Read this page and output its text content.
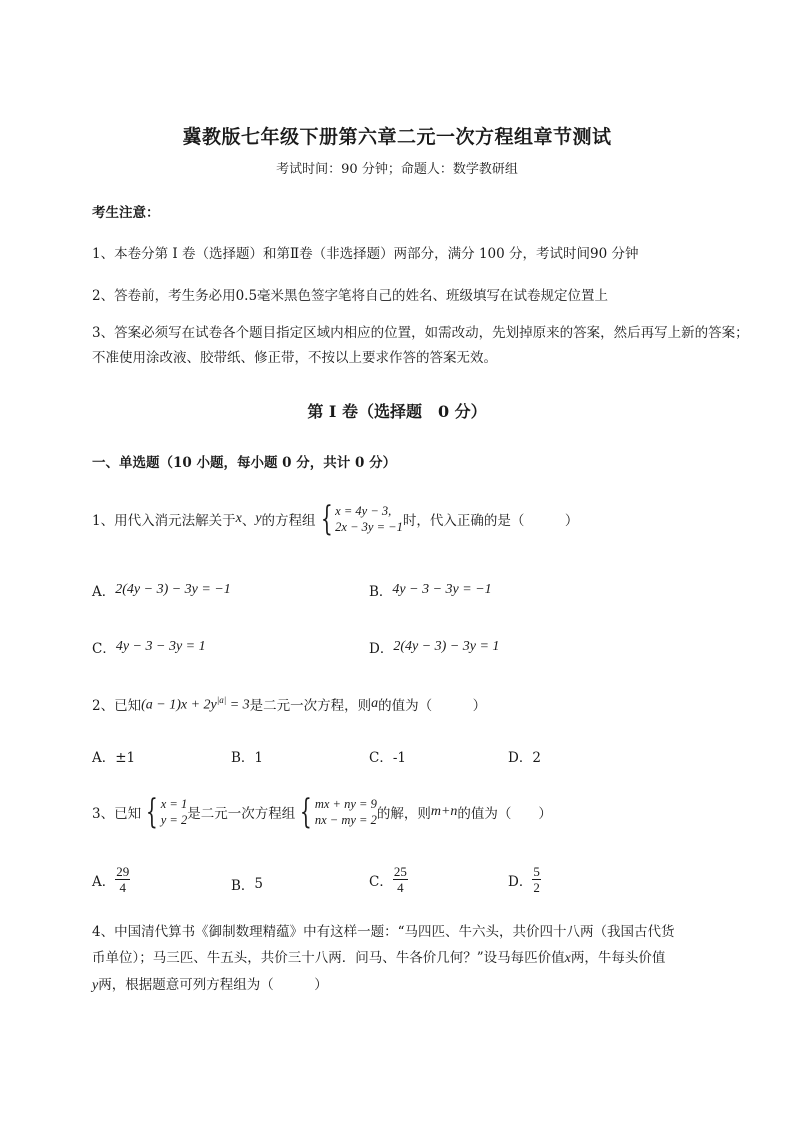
冀教版七年级下册第六章二元一次方程组章节测试
考试时间：90 分钟；命题人：数学教研组
考生注意：
1、本卷分第 I 卷（选择题）和第Ⅱ卷（非选择题）两部分，满分 100 分，考试时间90 分钟
2、答卷前，考生务必用0.5毫米黑色签字笔将自己的姓名、班级填写在试卷规定位置上
3、答案必须写在试卷各个题目指定区域内相应的位置，如需改动，先划掉原来的答案，然后再写上新的答案；不准使用涂改液、胶带纸、修正带，不按以上要求作答的答案无效。
第 I 卷（选择题　0 分）
一、单选题（10 小题，每小题 0 分，共计 0 分）
1、用代入消元法解关于 x 、 y 的方程组 { x = 4y − 3,
2x − 3y = −1 时，代入正确的是（　　　）
A． 2(4y − 3) − 3y = −1	B． 4y − 3 − 3y = −1
C． 4y − 3 − 3y = 1	D． 2(4y − 3) − 3y = 1
2、已知 $(a - 1)x + 2y^{|a|} = 3$ 是二元一次方程，则 a 的值为（　　　）
A．±1	B．1	C．-1	D．2
3、已知 { x = 1
y = 2 是二元一次方程组 { mx + ny = 9
nx − my = 2 的解，则 m+n 的值为（　　）
A． $\frac{29}{4}$	B． 5	C． $\frac{25}{4}$	D． $\frac{5}{2}$
4、中国清代算书《御制数理精蕴》中有这样一题：“马四匹、牛六头，共价四十八两（我国古代货
币单位）；马三匹、牛五头，共价三十八两．问马、牛各价几何？”设马每匹价值x两，牛每头价值
y两，根据题意可列方程组为（　　　）
